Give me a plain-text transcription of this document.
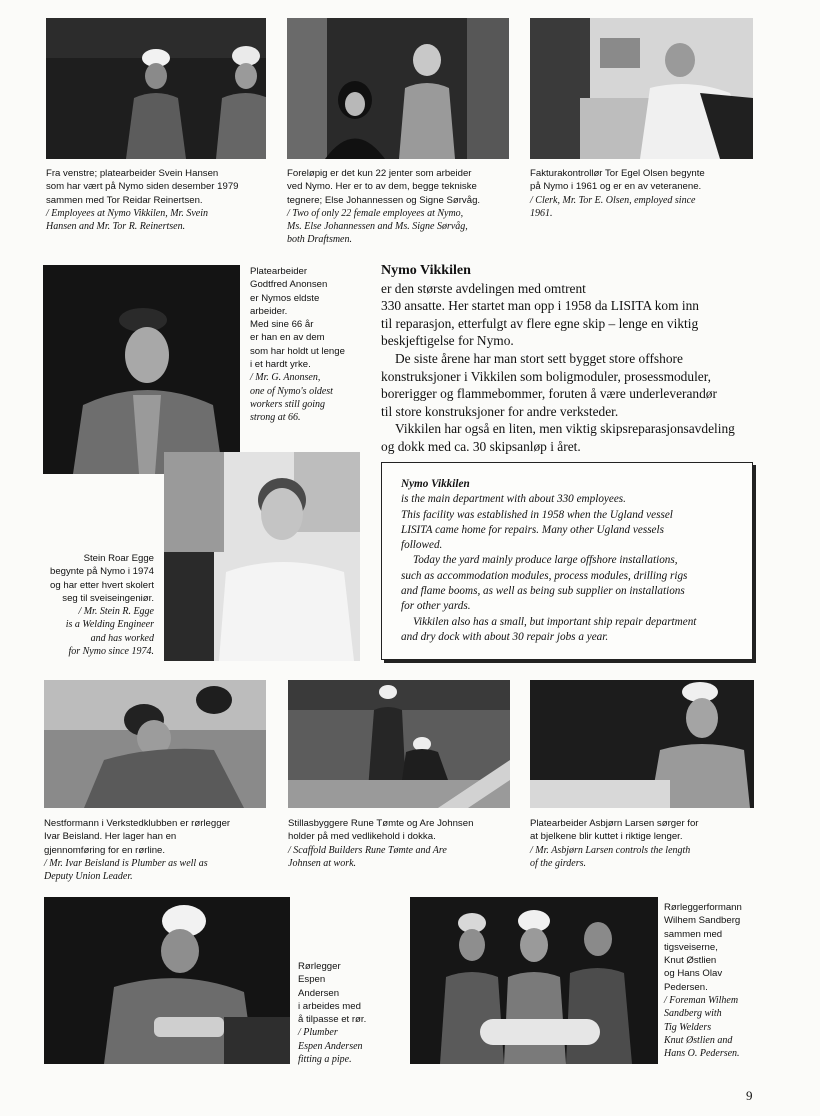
Fra venstre; platearbeider Svein Hansen
som har vært på Nymo siden desember 1979
sammen med Tor Reidar Reinertsen.
/ Employees at Nymo Vikkilen, Mr. Svein
Hansen and Mr. Tor R. Reinertsen.
Foreløpig er det kun 22 jenter som arbeider
ved Nymo. Her er to av dem, begge tekniske
tegnere; Else Johannessen og Signe Sørvåg.
/ Two of only 22 female employees at Nymo,
Ms. Else Johannessen and Ms. Signe Sørvåg,
both Draftsmen.
Fakturakontrollør Tor Egel Olsen begynte
på Nymo i 1961 og er en av veteranene.
/ Clerk, Mr. Tor E. Olsen, employed since
1961.
Platearbeider
Godtfred Anonsen
er Nymos eldste
arbeider.
Med sine 66 år
er han en av dem
som har holdt ut lenge
i et hardt yrke.
/ Mr. G. Anonsen,
one of Nymo's oldest
workers still going
strong at 66.
Stein Roar Egge
begynte på Nymo i 1974
og har etter hvert skolert
seg til sveiseingeniør.
/ Mr. Stein R. Egge
is a Welding Engineer
and has worked
for Nymo since 1974.
Nestformann i Verkstedklubben er rørlegger
Ivar Beisland. Her lager han en
gjennomføring for en rørline.
/ Mr. Ivar Beisland is Plumber as well as
Deputy Union Leader.
Stillasbyggere Rune Tømte og Are Johnsen
holder på med vedlikehold i dokka.
/ Scaffold Builders Rune Tømte and Are
Johnsen at work.
Platearbeider Asbjørn Larsen sørger for
at bjelkene blir kuttet i riktige lenger.
/ Mr. Asbjørn Larsen controls the length
of the girders.
Rørlegger
Espen
Andersen
i arbeides med
å tilpasse et rør.
/ Plumber
Espen Andersen
fitting a pipe.
Rørleggerformann
Wilhem Sandberg
sammen med
tigsveiserne,
Knut Østlien
og Hans Olav
Pedersen.
/ Foreman Wilhem
Sandberg with
Tig Welders
Knut Østlien and
Hans O. Pedersen.
Nymo Vikkilen

er den største avdelingen med omtrent
330 ansatte. Her startet man opp i 1958 da LISITA kom inn
til reparasjon, etterfulgt av flere egne skip – lenge en viktig
beskjeftigelse for Nymo.

De siste årene har man stort sett bygget store offshore
konstruksjoner i Vikkilen som boligmoduler, prosessmoduler,
borerigger og flammebommer, foruten å være underleverandør
til store konstruksjoner for andre verksteder.

Vikkilen har også en liten, men viktig skipsreparasjonsavdeling
og dokk med ca. 30 skipsanløp i året.

Nymo Vikkilen
is the main department with about 330 employees.
This facility was established in 1958 when the Ugland vessel
LISITA came home for repairs. Many other Ugland vessels
followed.
Today the yard mainly produce large offshore installations,
such as accommodation modules, process modules, drilling rigs
and flame booms, as well as being sub supplier on installations
for other yards.
Vikkilen also has a small, but important ship repair department
and dry dock with about 30 repair jobs a year.
9
